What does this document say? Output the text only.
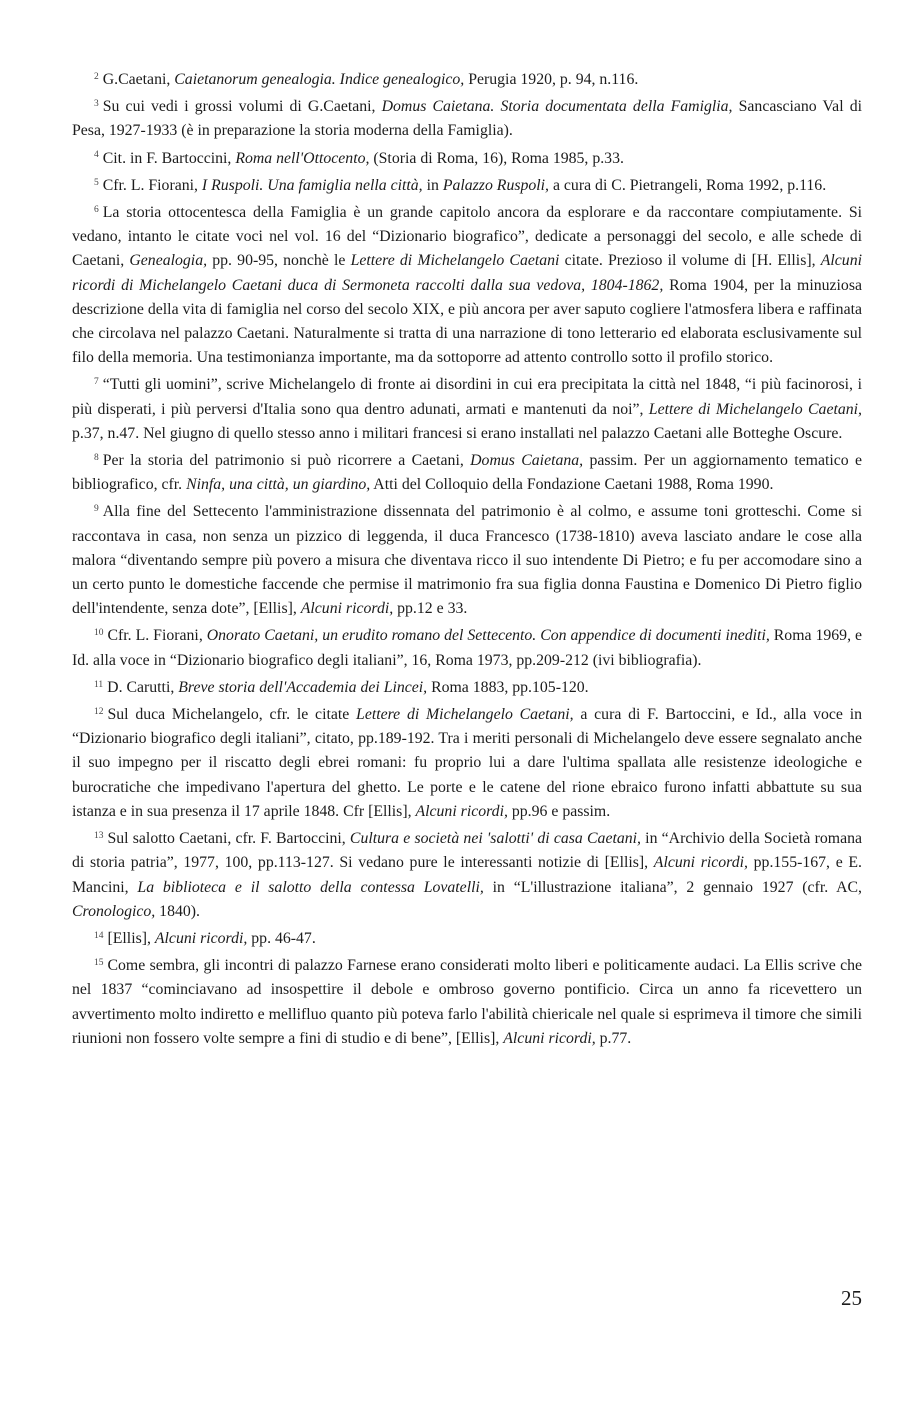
$^2$ G.Caetani, Caietanorum genealogia. Indice genealogico, Perugia 1920, p. 94, n.116.

$^3$ Su cui vedi i grossi volumi di G.Caetani, Domus Caietana. Storia documentata della Famiglia, Sancasciano Val di Pesa, 1927-1933 (è in preparazione la storia moderna della Famiglia).

$^4$ Cit. in F. Bartoccini, Roma nell'Ottocento, (Storia di Roma, 16), Roma 1985, p.33.

$^5$ Cfr. L. Fiorani, I Ruspoli. Una famiglia nella città, in Palazzo Ruspoli, a cura di C. Pietrangeli, Roma 1992, p.116.

$^6$ La storia ottocentesca della Famiglia è un grande capitolo ancora da esplorare e da raccontare compiutamente. Si vedano, intanto le citate voci nel vol. 16 del “Dizionario biografico”, dedicate a personaggi del secolo, e alle schede di Caetani, Genealogia, pp. 90-95, nonchè le Lettere di Michelangelo Caetani citate. Prezioso il volume di [H. Ellis], Alcuni ricordi di Michelangelo Caetani duca di Sermoneta raccolti dalla sua vedova, 1804-1862, Roma 1904, per la minuziosa descrizione della vita di famiglia nel corso del secolo XIX, e più ancora per aver saputo cogliere l'atmosfera libera e raffinata che circolava nel palazzo Caetani. Naturalmente si tratta di una narrazione di tono letterario ed elaborata esclusivamente sul filo della memoria. Una testimonianza importante, ma da sottoporre ad attento controllo sotto il profilo storico.

$^7$ “Tutti gli uomini”, scrive Michelangelo di fronte ai disordini in cui era precipitata la città nel 1848, “i più facinorosi, i più disperati, i più perversi d'Italia sono qua dentro adunati, armati e mantenuti da noi”, Lettere di Michelangelo Caetani, p.37, n.47. Nel giugno di quello stesso anno i militari francesi si erano installati nel palazzo Caetani alle Botteghe Oscure.

$^8$ Per la storia del patrimonio si può ricorrere a Caetani, Domus Caietana, passim. Per un aggiornamento tematico e bibliografico, cfr. Ninfa, una città, un giardino, Atti del Colloquio della Fondazione Caetani 1988, Roma 1990.

$^9$ Alla fine del Settecento l'amministrazione dissennata del patrimonio è al colmo, e assume toni grotteschi. Come si raccontava in casa, non senza un pizzico di leggenda, il duca Francesco (1738-1810) aveva lasciato andare le cose alla malora “diventando sempre più povero a misura che diventava ricco il suo intendente Di Pietro; e fu per accomodare sino a un certo punto le domestiche faccende che permise il matrimonio fra sua figlia donna Faustina e Domenico Di Pietro figlio dell'intendente, senza dote”, [Ellis], Alcuni ricordi, pp.12 e 33.

$^{10}$ Cfr. L. Fiorani, Onorato Caetani, un erudito romano del Settecento. Con appendice di documenti inediti, Roma 1969, e Id. alla voce in “Dizionario biografico degli italiani”, 16, Roma 1973, pp.209-212 (ivi bibliografia).

$^{11}$ D. Carutti, Breve storia dell'Accademia dei Lincei, Roma 1883, pp.105-120.

$^{12}$ Sul duca Michelangelo, cfr. le citate Lettere di Michelangelo Caetani, a cura di F. Bartoccini, e Id., alla voce in “Dizionario biografico degli italiani”, citato, pp.189-192. Tra i meriti personali di Michelangelo deve essere segnalato anche il suo impegno per il riscatto degli ebrei romani: fu proprio lui a dare l'ultima spallata alle resistenze ideologiche e burocratiche che impedivano l'apertura del ghetto. Le porte e le catene del rione ebraico furono infatti abbattute su sua istanza e in sua presenza il 17 aprile 1848. Cfr [Ellis], Alcuni ricordi, pp.96 e passim.

$^{13}$ Sul salotto Caetani, cfr. F. Bartoccini, Cultura e società nei 'salotti' di casa Caetani, in “Archivio della Società romana di storia patria”, 1977, 100, pp.113-127. Si vedano pure le interessanti notizie di [Ellis], Alcuni ricordi, pp.155-167, e E. Mancini, La biblioteca e il salotto della contessa Lovatelli, in “L'illustrazione italiana”, 2 gennaio 1927 (cfr. AC, Cronologico, 1840).

$^{14}$ [Ellis], Alcuni ricordi, pp. 46-47.

$^{15}$ Come sembra, gli incontri di palazzo Farnese erano considerati molto liberi e politicamente audaci. La Ellis scrive che nel 1837 “cominciavano ad insospettire il debole e ombroso governo pontificio. Circa un anno fa ricevettero un avvertimento molto indiretto e mellifluo quanto più poteva farlo l'abilità chiericale nel quale si esprimeva il timore che simili riunioni non fossero volte sempre a fini di studio e di bene”, [Ellis], Alcuni ricordi, p.77.

25
